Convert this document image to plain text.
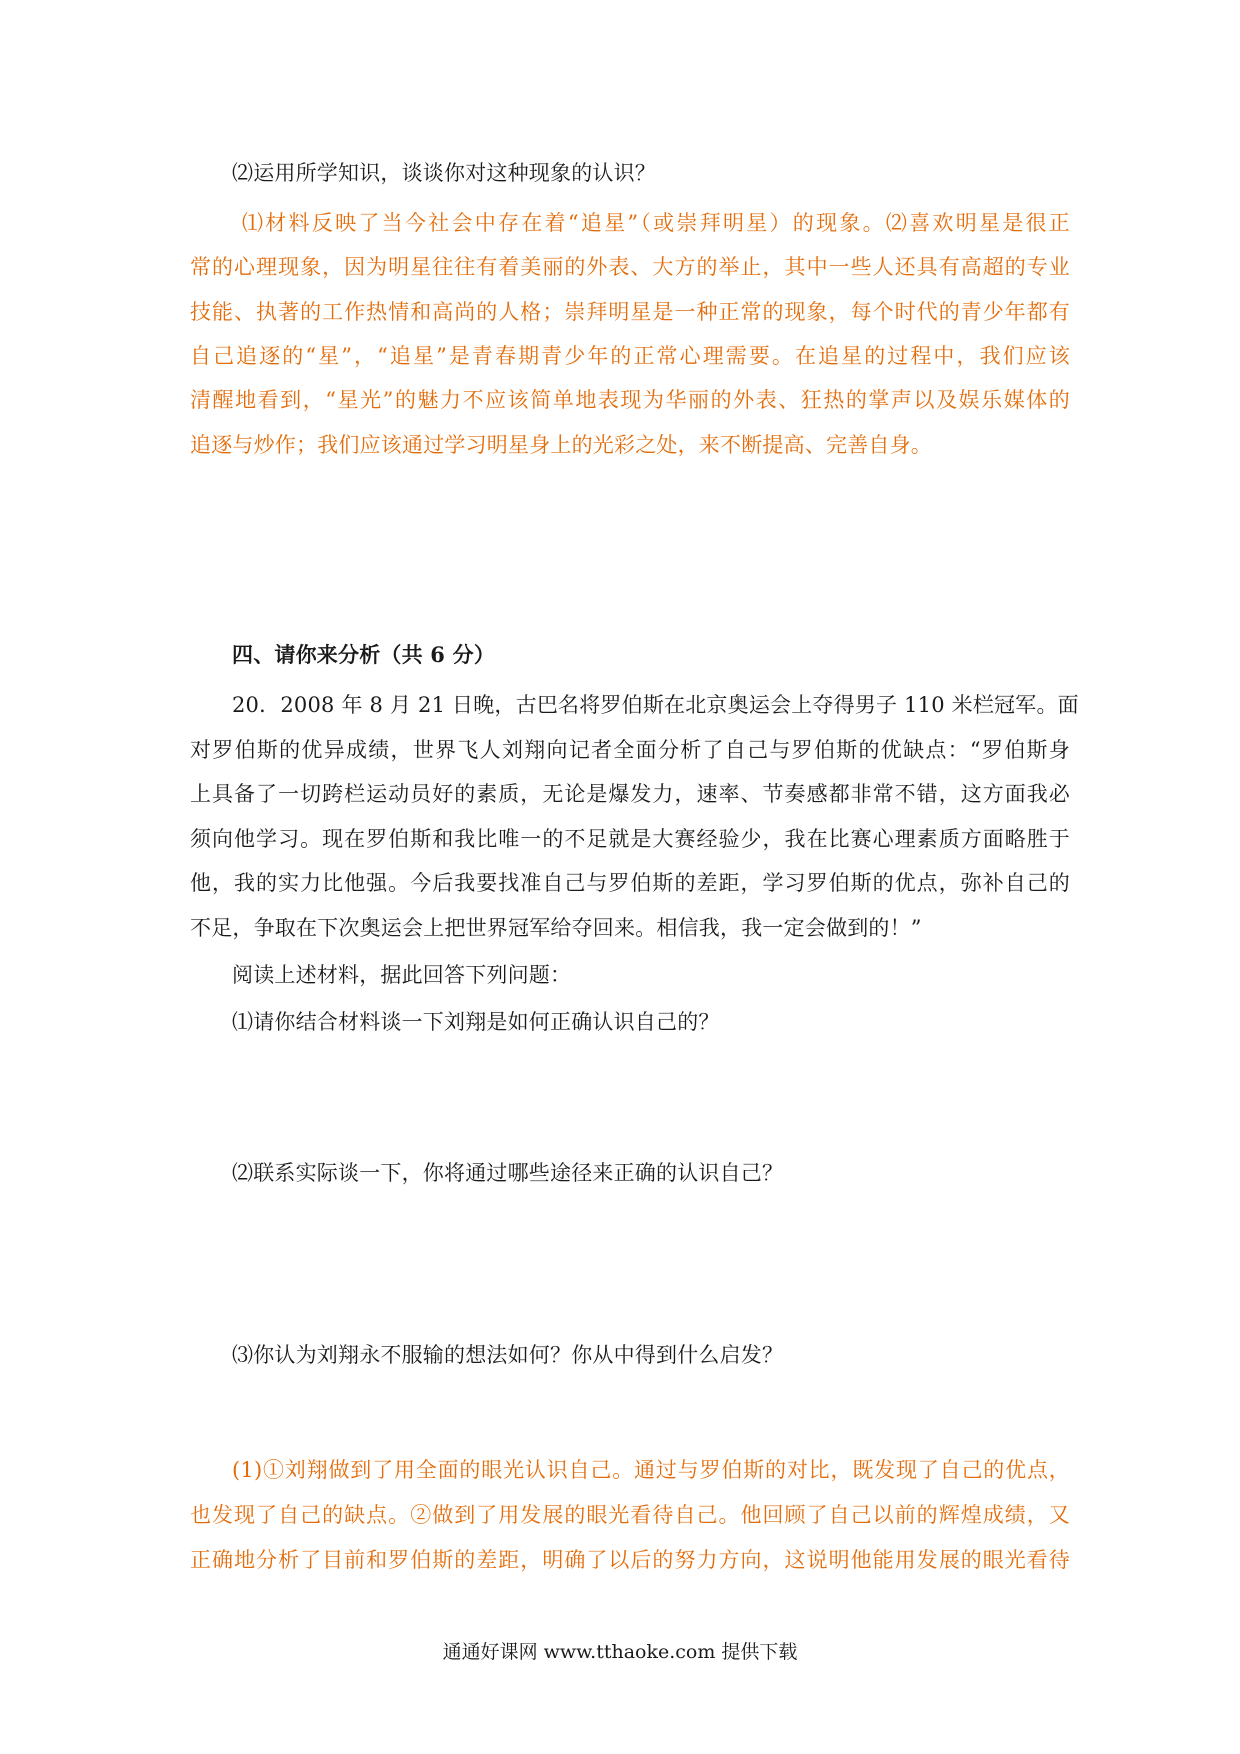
⑵运用所学知识，谈谈你对这种现象的认识？
⑴材料反映了当今社会中存在着“追星”（或崇拜明星）的现象。⑵喜欢明星是很正
常的心理现象，因为明星往往有着美丽的外表、大方的举止，其中一些人还具有高超的专业
技能、执著的工作热情和高尚的人格；崇拜明星是一种正常的现象，每个时代的青少年都有
自己追逐的“星”，“追星”是青春期青少年的正常心理需要。在追星的过程中，我们应该
清醒地看到，“星光”的魅力不应该简单地表现为华丽的外表、狂热的掌声以及娱乐媒体的
追逐与炒作；我们应该通过学习明星身上的光彩之处，来不断提高、完善自身。
四、请你来分析（共 6 分）
20．2008 年 8 月 21 日晚，古巴名将罗伯斯在北京奥运会上夺得男子 110 米栏冠军。面
对罗伯斯的优异成绩，世界飞人刘翔向记者全面分析了自己与罗伯斯的优缺点：“罗伯斯身
上具备了一切跨栏运动员好的素质，无论是爆发力，速率、节奏感都非常不错，这方面我必
须向他学习。现在罗伯斯和我比唯一的不足就是大赛经验少，我在比赛心理素质方面略胜于
他，我的实力比他强。今后我要找准自己与罗伯斯的差距，学习罗伯斯的优点，弥补自己的
不足，争取在下次奥运会上把世界冠军给夺回来。相信我，我一定会做到的！”
阅读上述材料，据此回答下列问题：
⑴请你结合材料谈一下刘翔是如何正确认识自己的？
⑵联系实际谈一下，你将通过哪些途径来正确的认识自己？
⑶你认为刘翔永不服输的想法如何？你从中得到什么启发？
(1)①刘翔做到了用全面的眼光认识自己。通过与罗伯斯的对比，既发现了自己的优点，
也发现了自己的缺点。②做到了用发展的眼光看待自己。他回顾了自己以前的辉煌成绩，又
正确地分析了目前和罗伯斯的差距，明确了以后的努力方向，这说明他能用发展的眼光看待
通通好课网 www.tthaoke.com 提供下载
